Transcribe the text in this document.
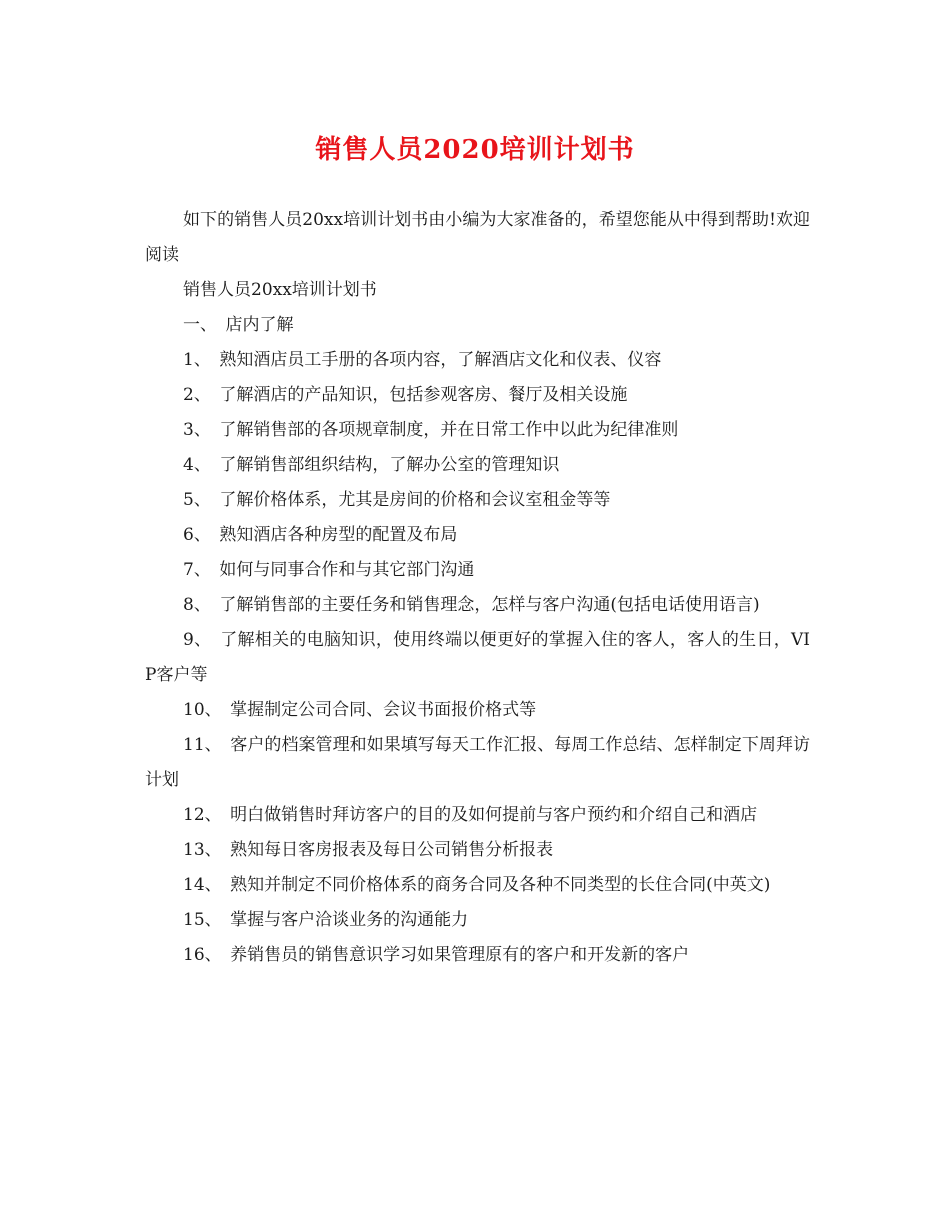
销售人员2020培训计划书

如下的销售人员20xx培训计划书由小编为大家准备的，希望您能从中得到帮助!欢迎阅读

销售人员20xx培训计划书

一、　店内了解

1、　熟知酒店员工手册的各项内容，了解酒店文化和仪表、仪容

2、　了解酒店的产品知识，包括参观客房、餐厅及相关设施

3、　了解销售部的各项规章制度，并在日常工作中以此为纪律准则

4、　了解销售部组织结构，了解办公室的管理知识

5、　了解价格体系，尤其是房间的价格和会议室租金等等

6、　熟知酒店各种房型的配置及布局

7、　如何与同事合作和与其它部门沟通

8、　了解销售部的主要任务和销售理念，怎样与客户沟通(包括电话使用语言)

9、　了解相关的电脑知识，使用终端以便更好的掌握入住的客人，客人的生日，VIP客户等

10、　掌握制定公司合同、会议书面报价格式等

11、　客户的档案管理和如果填写每天工作汇报、每周工作总结、怎样制定下周拜访计划

12、　明白做销售时拜访客户的目的及如何提前与客户预约和介绍自己和酒店

13、　熟知每日客房报表及每日公司销售分析报表

14、　熟知并制定不同价格体系的商务合同及各种不同类型的长住合同(中英文)

15、　掌握与客户洽谈业务的沟通能力

16、　养销售员的销售意识学习如果管理原有的客户和开发新的客户
